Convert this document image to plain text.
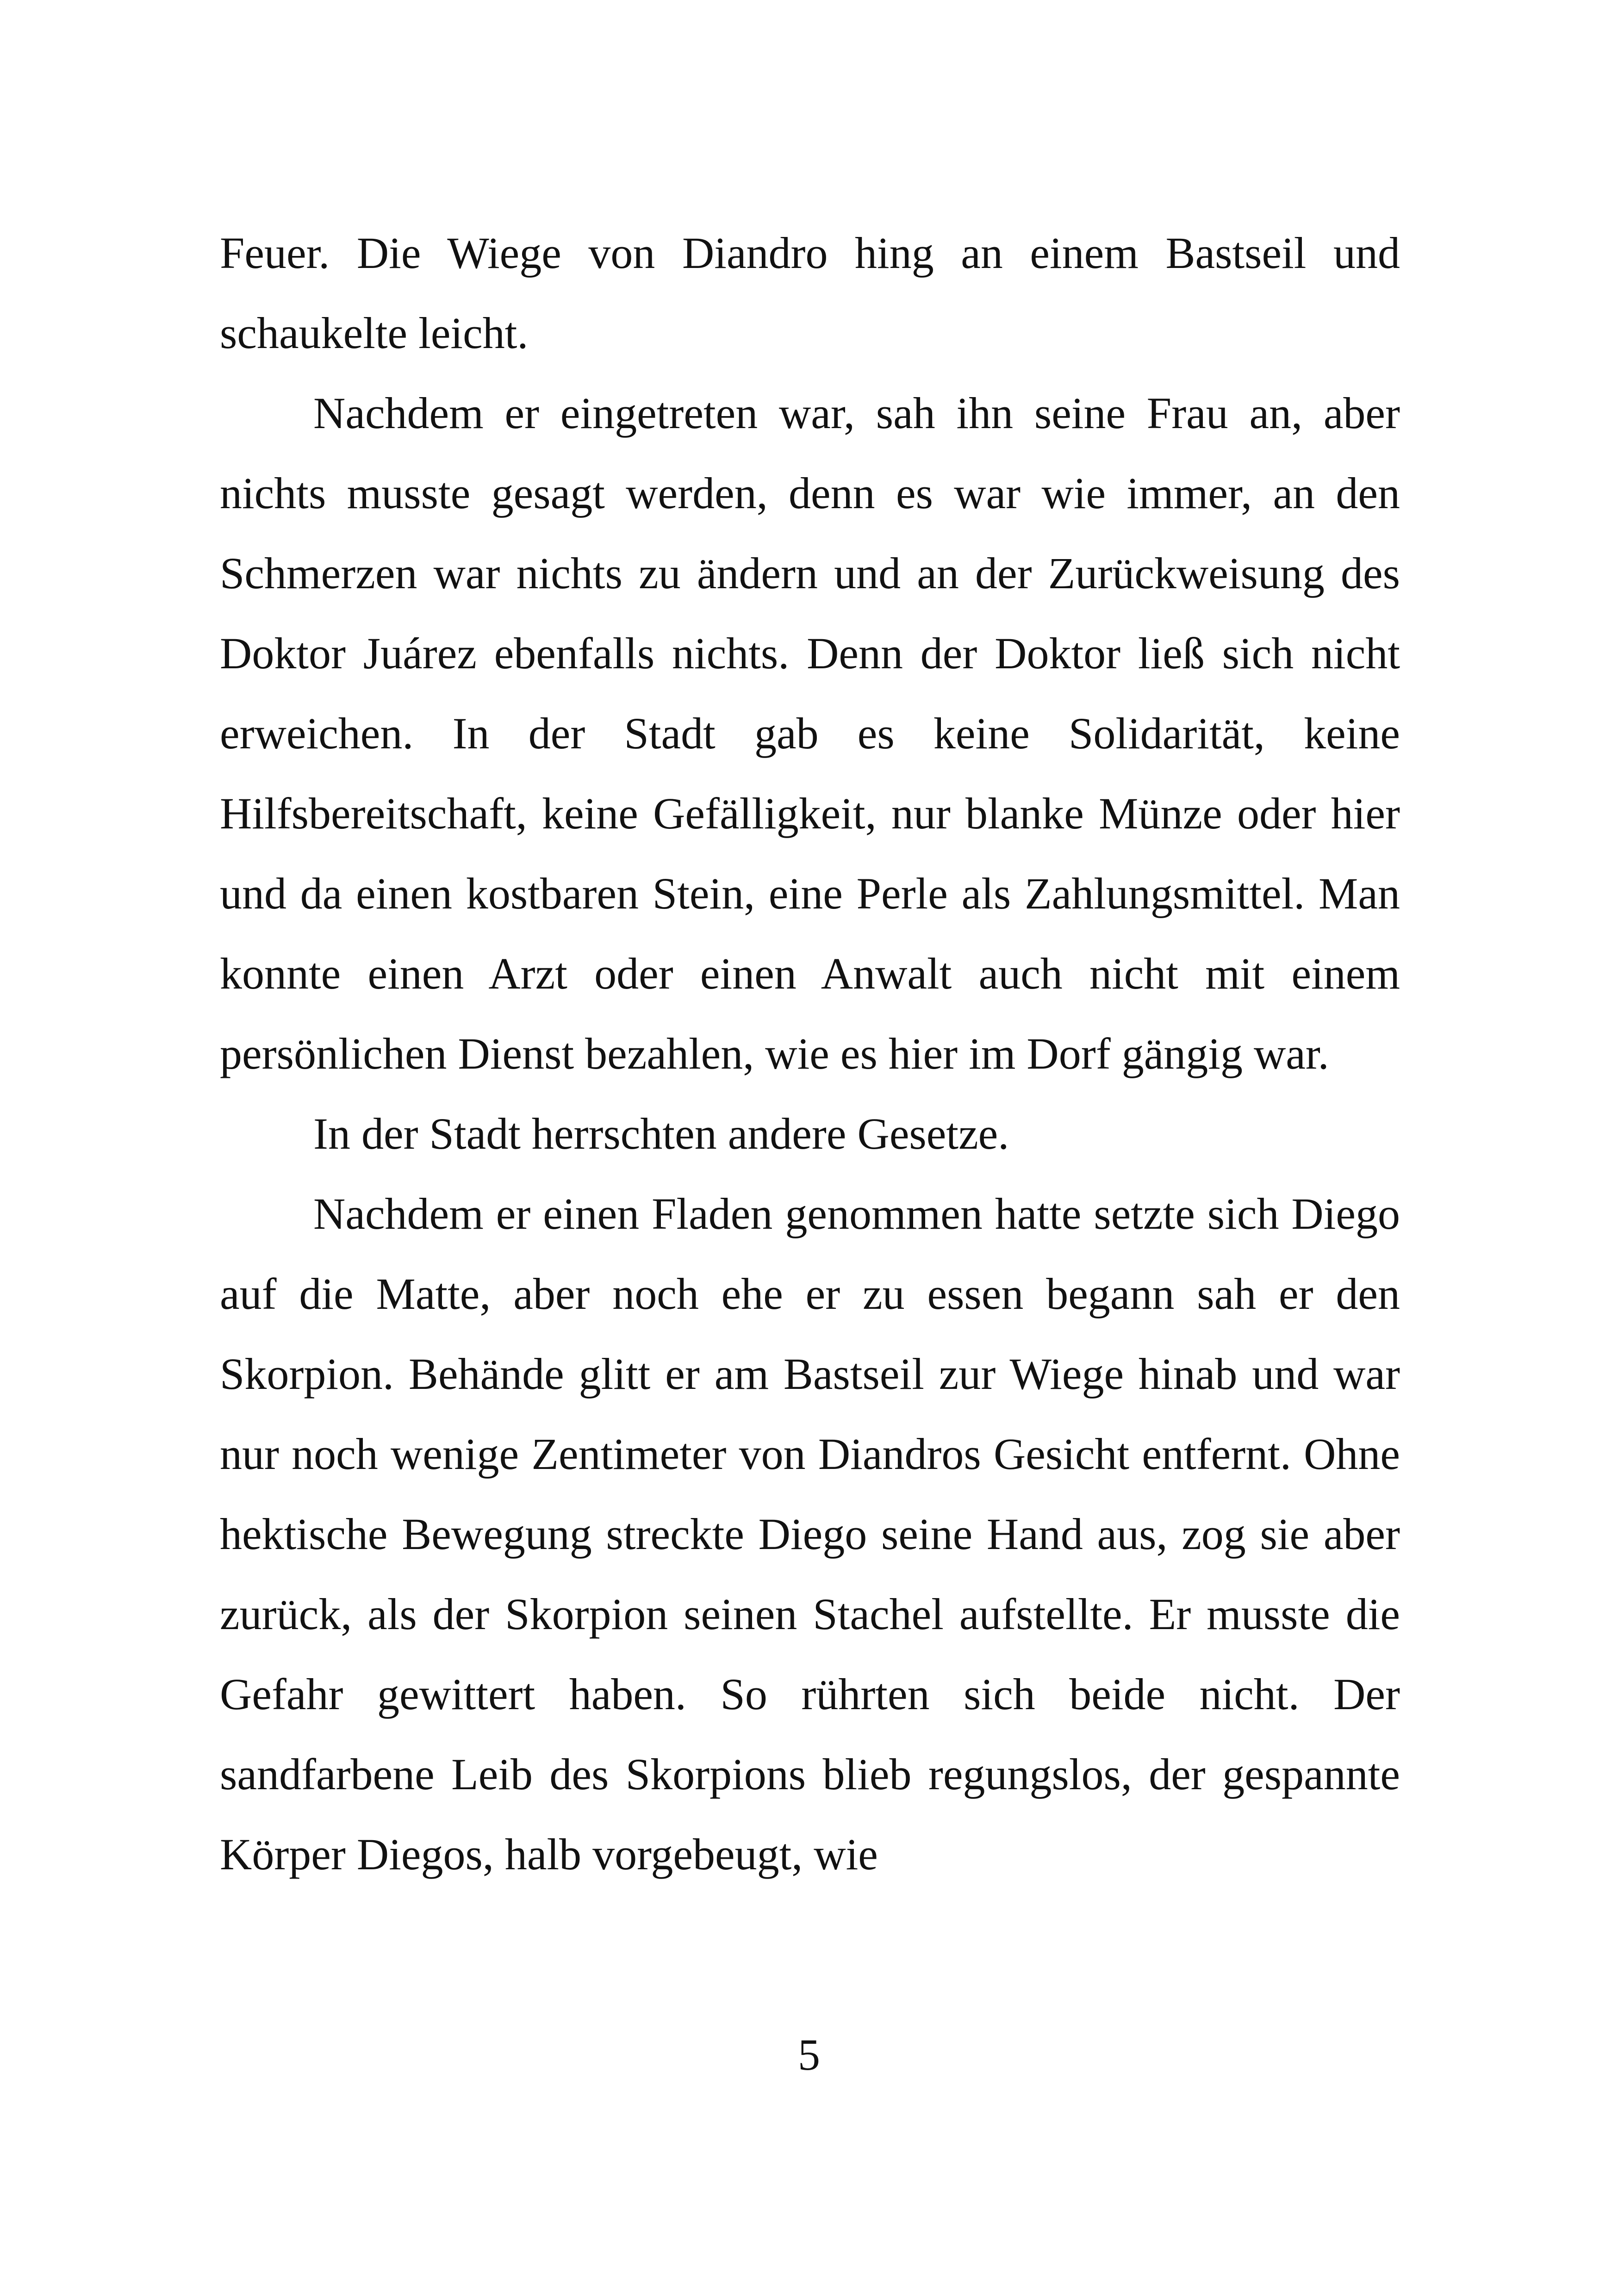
Feuer. Die Wiege von Diandro hing an einem Bastseil und schaukelte leicht.

Nachdem er eingetreten war, sah ihn seine Frau an, aber nichts musste gesagt werden, denn es war wie immer, an den Schmerzen war nichts zu ändern und an der Zurückweisung des Doktor Juárez ebenfalls nichts. Denn der Doktor ließ sich nicht erweichen. In der Stadt gab es keine Solidarität, keine Hilfsbereitschaft, keine Gefälligkeit, nur blanke Münze oder hier und da einen kostbaren Stein, eine Perle als Zahlungsmittel. Man konnte einen Arzt oder einen Anwalt auch nicht mit einem persönlichen Dienst bezahlen, wie es hier im Dorf gängig war.

In der Stadt herrschten andere Gesetze.

Nachdem er einen Fladen genommen hatte setzte sich Diego auf die Matte, aber noch ehe er zu essen begann sah er den Skorpion. Behände glitt er am Bastseil zur Wiege hinab und war nur noch wenige Zentimeter von Diandros Gesicht entfernt. Ohne hektische Bewegung streckte Diego seine Hand aus, zog sie aber zurück, als der Skorpion seinen Stachel aufstellte. Er musste die Gefahr gewittert haben. So rührten sich beide nicht. Der sandfarbene Leib des Skorpions blieb regungslos, der gespannte Körper Diegos, halb vorgebeugt, wie

5
